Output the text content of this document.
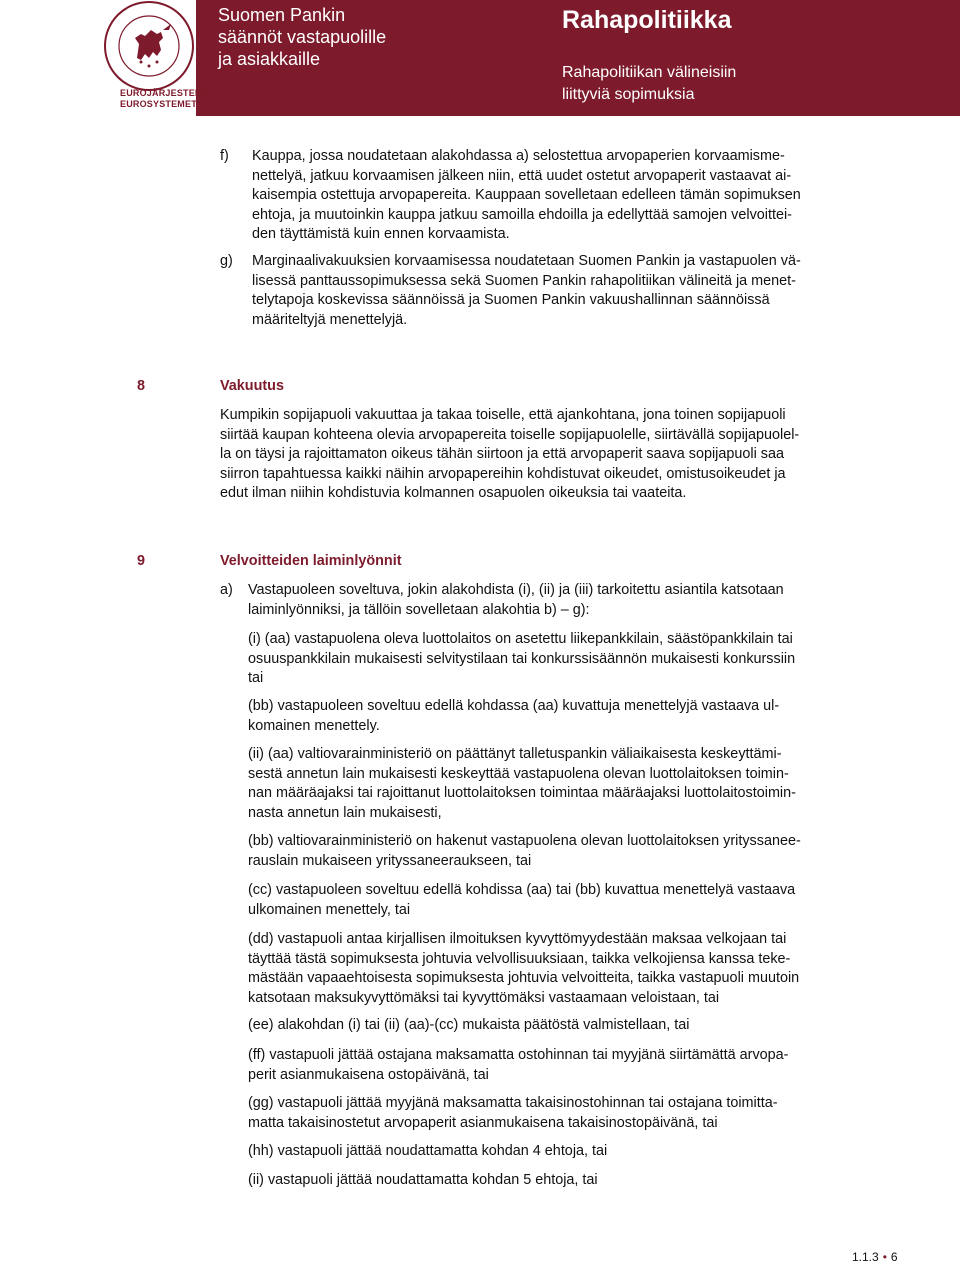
EUROJÄRJESTELMÄ
EUROSYSTEMET
Suomen Pankin
säännöt vastapuolille
ja asiakkaille
Rahapolitiikka
Rahapolitiikan välineisiin
liittyviä sopimuksia
f)	Kauppa, jossa noudatetaan alakohdassa a) selostettua arvopaperien korvaamisme-
nettelyä, jatkuu korvaamisen jälkeen niin, että uudet ostetut arvopaperit vastaavat ai-
kaisempia ostettuja arvopapereita. Kauppaan sovelletaan edelleen tämän sopimuksen
ehtoja, ja muutoinkin kauppa jatkuu samoilla ehdoilla ja edellyttää samojen velvoittei-
den täyttämistä kuin ennen korvaamista.
g)	Marginaalivakuuksien korvaamisessa noudatetaan Suomen Pankin ja vastapuolen vä-
lisessä panttaussopimuksessa sekä Suomen Pankin rahapolitiikan välineitä ja menet-
telytapoja koskevissa säännöissä ja Suomen Pankin vakuushallinnan säännöissä
määriteltyjä menettelyjä.
8	Vakuutus
Kumpikin sopijapuoli vakuuttaa ja takaa toiselle, että ajankohtana, jona toinen sopijapuoli
siirtää kaupan kohteena olevia arvopapereita toiselle sopijapuolelle, siirtävällä sopijapuolel-
la on täysi ja rajoittamaton oikeus tähän siirtoon ja että arvopaperit saava sopijapuoli saa
siirron tapahtuessa kaikki näihin arvopapereihin kohdistuvat oikeudet, omistusoikeudet ja
edut ilman niihin kohdistuvia kolmannen osapuolen oikeuksia tai vaateita.
9	Velvoitteiden laiminlyönnit
a)	Vastapuoleen soveltuva, jokin alakohdista (i), (ii) ja (iii) tarkoitettu asiantila katsotaan
laiminlyönniksi, ja tällöin sovelletaan alakohtia b) – g):
(i) (aa) vastapuolena oleva luottolaitos on asetettu liikepankkilain, säästöpankkilain tai
osuuspankkilain mukaisesti selvitystilaan tai konkurssisäännön mukaisesti konkurssiin
tai
(bb) vastapuoleen soveltuu edellä kohdassa (aa) kuvattuja menettelyjä vastaava ul-
komainen menettely.
(ii) (aa) valtiovarainministeriö on päättänyt talletuspankin väliaikaisesta keskeyttämi-
sestä annetun lain mukaisesti keskeyttää vastapuolena olevan luottolaitoksen toimin-
nan määräajaksi tai rajoittanut luottolaitoksen toimintaa määräajaksi luottolaitostoimin-
nasta annetun lain mukaisesti,
(bb) valtiovarainministeriö on hakenut vastapuolena olevan luottolaitoksen yrityssanee-
rauslain mukaiseen yrityssaneeraukseen, tai
(cc) vastapuoleen soveltuu edellä kohdissa (aa) tai (bb) kuvattua menettelyä vastaava
ulkomainen menettely, tai
(dd) vastapuoli antaa kirjallisen ilmoituksen kyvyttömyydestään maksaa velkojaan tai
täyttää tästä sopimuksesta johtuvia velvollisuuksiaan, taikka velkojiensa kanssa teke-
mästään vapaaehtoisesta sopimuksesta johtuvia velvoitteita, taikka vastapuoli muutoin
katsotaan maksukyvyttömäksi tai kyvyttömäksi vastaamaan veloistaan, tai
(ee) alakohdan (i) tai (ii) (aa)-(cc) mukaista päätöstä valmistellaan, tai
(ff) vastapuoli jättää ostajana maksamatta ostohinnan tai myyjänä siirtämättä arvopa-
perit asianmukaisena ostopäivänä, tai
(gg) vastapuoli jättää myyjänä maksamatta takaisinostohinnan tai ostajana toimitta-
matta takaisinostetut arvopaperit asianmukaisena takaisinostopäivänä, tai
(hh) vastapuoli jättää noudattamatta kohdan 4 ehtoja, tai
(ii) vastapuoli jättää noudattamatta kohdan 5 ehtoja, tai
1.1.3 • 6
